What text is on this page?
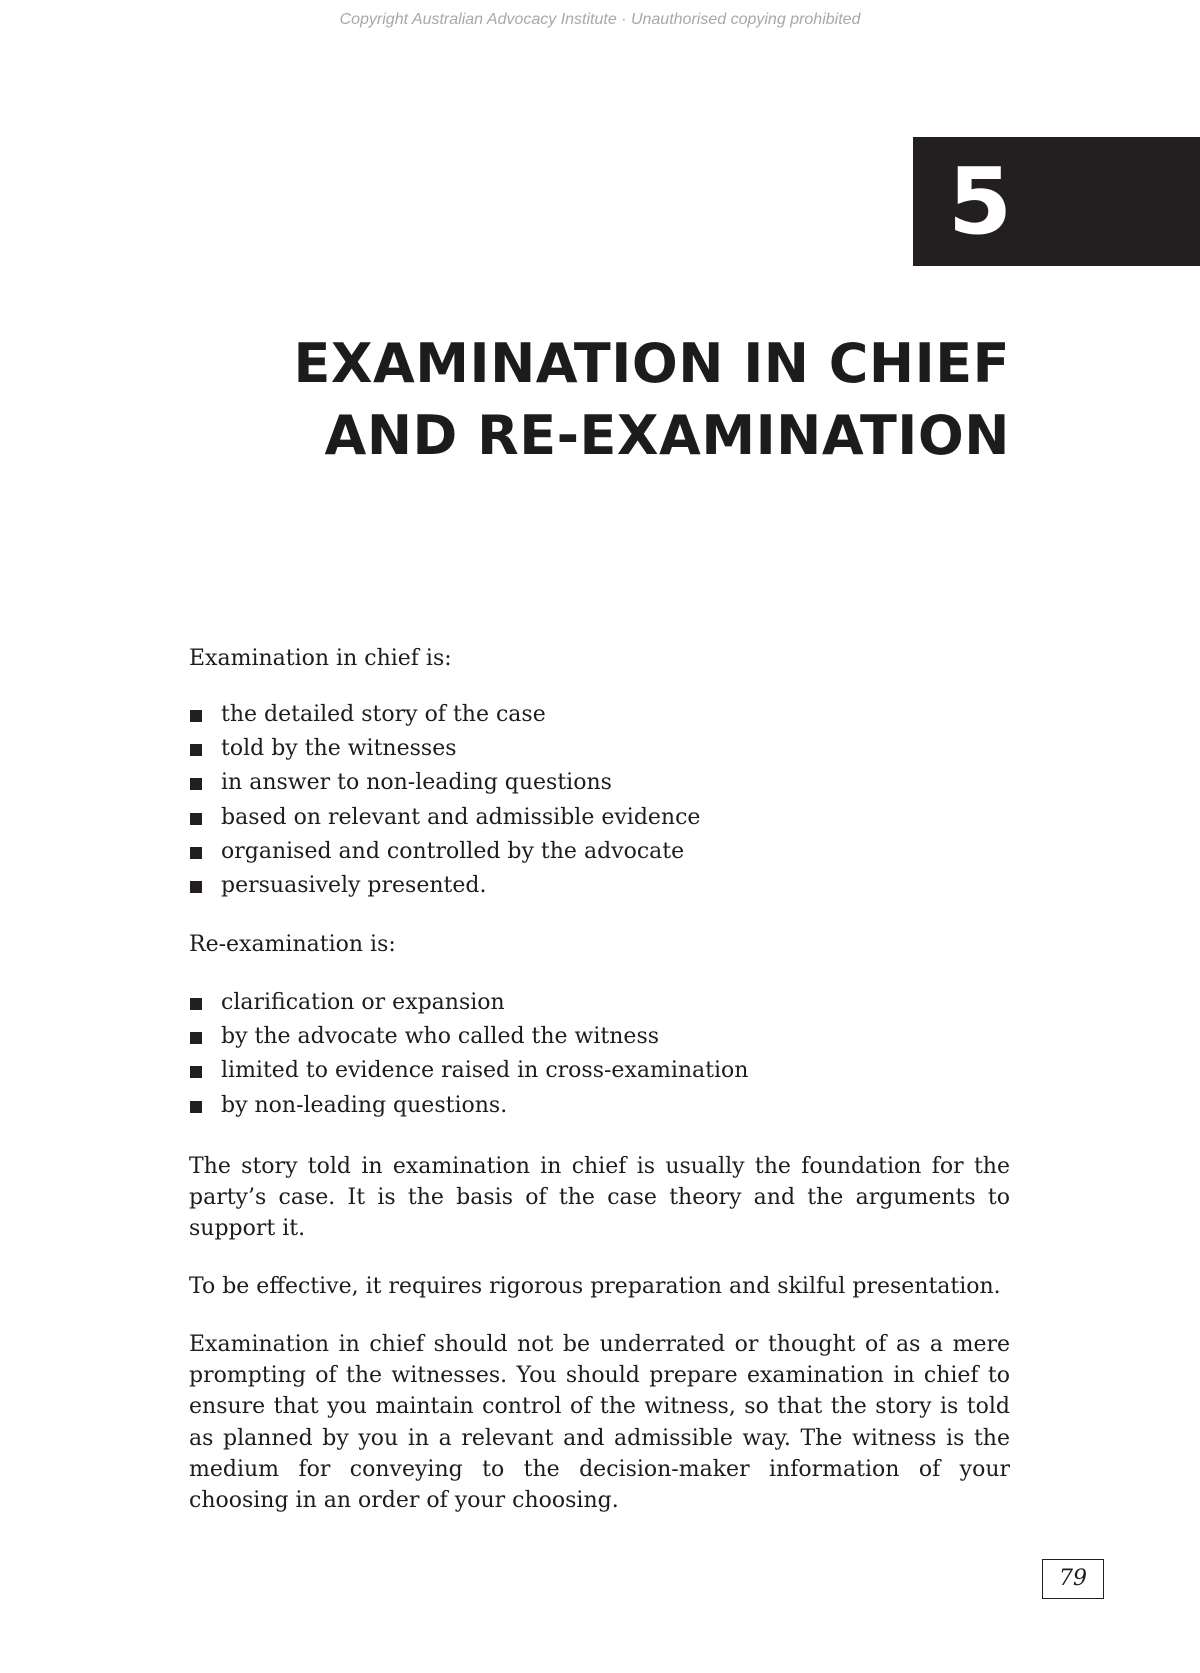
Copyright Australian Advocacy Institute · Unauthorised copying prohibited
5
EXAMINATION IN CHIEF
AND RE-EXAMINATION
Examination in chief is:
the detailed story of the case
told by the witnesses
in answer to non-leading questions
based on relevant and admissible evidence
organised and controlled by the advocate
persuasively presented.
Re-examination is:
clarification or expansion
by the advocate who called the witness
limited to evidence raised in cross-examination
by non-leading questions.

The story told in examination in chief is usually the foundation for the party’s case. It is the basis of the case theory and the arguments to support it.

To be effective, it requires rigorous preparation and skilful presentation.

Examination in chief should not be underrated or thought of as a mere prompting of the witnesses. You should prepare examination in chief to ensure that you maintain control of the witness, so that the story is told as planned by you in a relevant and admissible way. The witness is the medium for conveying to the decision-maker information of your choosing in an order of your choosing.

79
